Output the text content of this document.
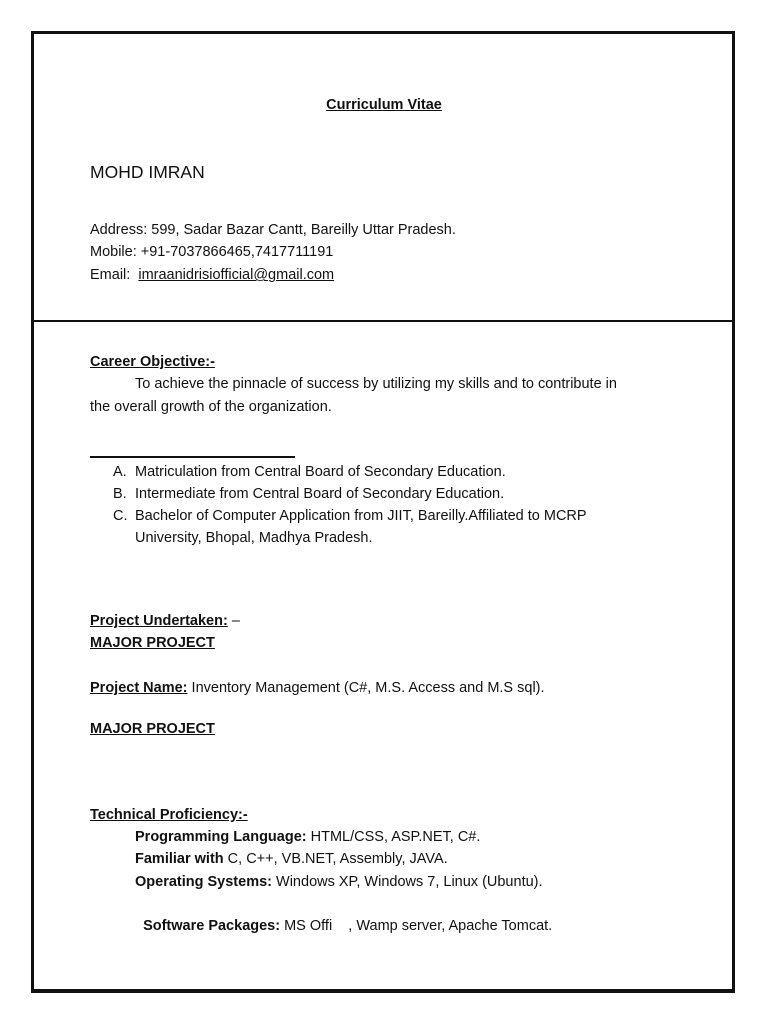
Curriculum Vitae
MOHD IMRAN
Address: 599, Sadar Bazar Cantt, Bareilly Uttar Pradesh.
Mobile: +91-7037866465,7417711191
Email: imraanidrisiofficial@gmail.com
Career Objective:-
To achieve the pinnacle of success by utilizing my skills and to contribute in
the overall growth of the organization.
A. Matriculation from Central Board of Secondary Education.
B. Intermediate from Central Board of Secondary Education.
C. Bachelor of Computer Application from JIIT, Bareilly.Affiliated to MCRP
University, Bhopal, Madhya Pradesh.
Project Undertaken: –
MAJOR PROJECT
Project Name: Inventory Management (C#, M.S. Access and M.S sql).
MAJOR PROJECT
Technical Proficiency:-
Programming Language: HTML/CSS, ASP.NET, C#.
Familiar with C, C++, VB.NET, Assembly, JAVA.
Operating Systems: Windows XP, Windows 7, Linux (Ubuntu).

Software Packages: MS Offi    , Wamp server, Apache Tomcat.
